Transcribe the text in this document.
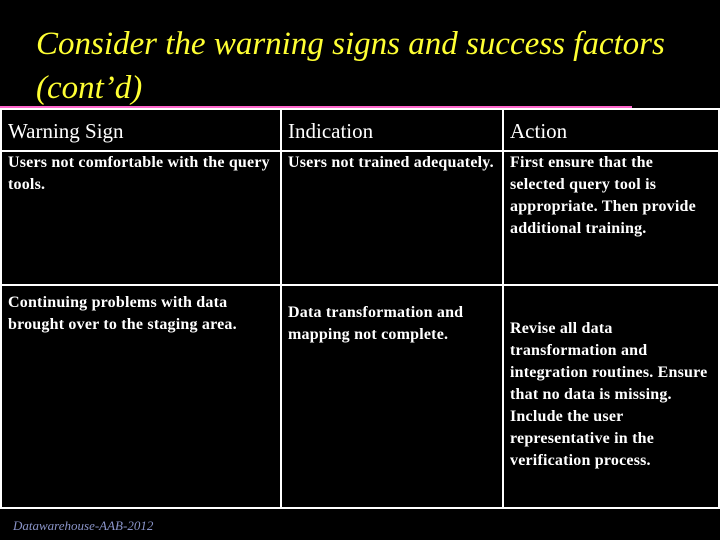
Consider the warning signs and success factors (cont’d)
Warning Sign	Indication	Action
Users not comfortable with the query tools.	Users not trained adequately.	First ensure that the selected query tool is appropriate. Then provide additional training.
Continuing problems with data brought over to the staging area.	Data transformation and mapping not complete.	Revise all data transformation and integration routines. Ensure that no data is missing. Include the user representative in the verification process.
Datawarehouse-AAB-2012
